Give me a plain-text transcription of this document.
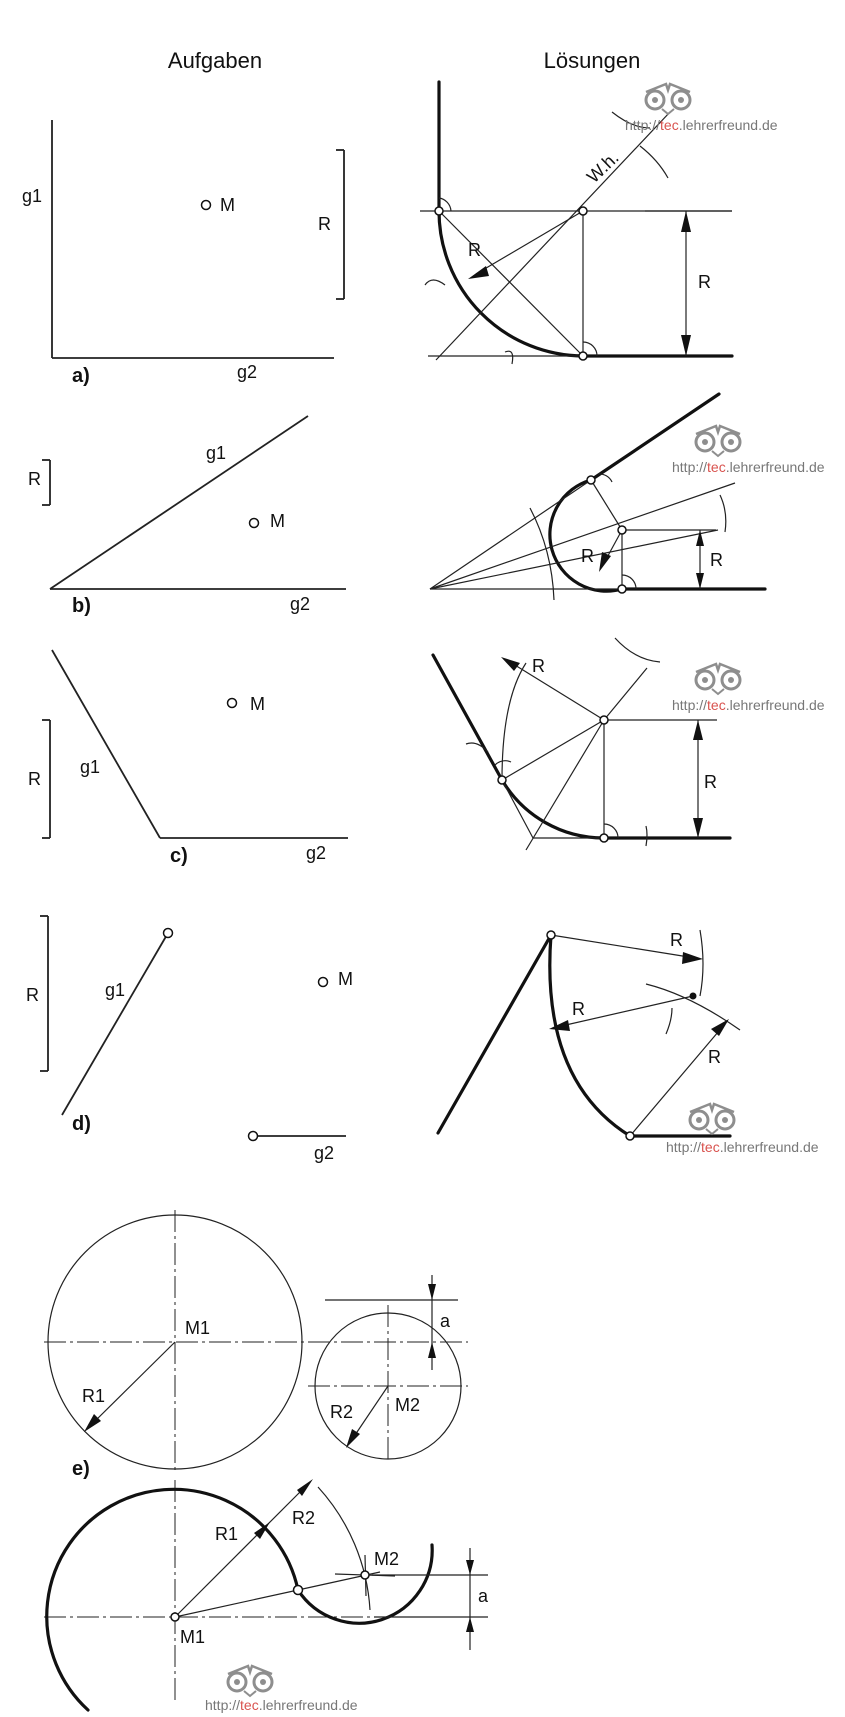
Aufgaben	Lösungen
g1
g2
M
R
a)
R
R
W.h.
http://tec.lehrerfreund.de
g1
g2
M
R
b)
R	R
http://tec.lehrerfreund.de
g1
g2
M
R
c)
R
R
http://tec.lehrerfreund.de
g1
g2
M
R
d)
R
R
R
http://tec.lehrerfreund.de
M1
R1	M2
R2
a
e)
R1
R2
M2
M1
a
http://tec.lehrerfreund.de
